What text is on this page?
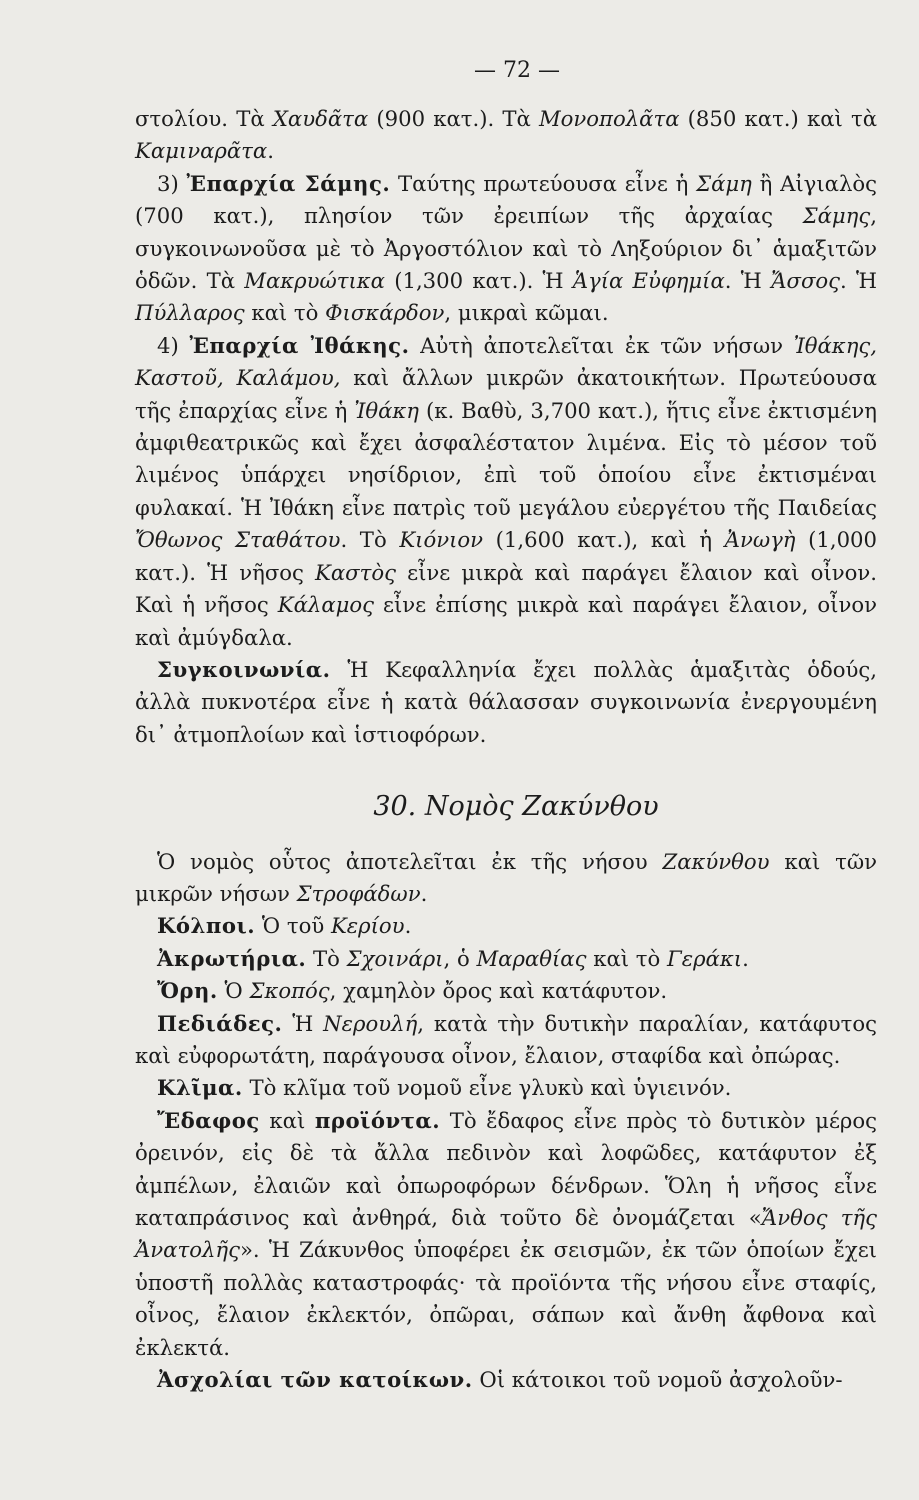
— 72 —

στολίου. Τὰ Χαυδᾶτα (900 κατ.). Τὰ Μονοπολᾶτα (850 κατ.) καὶ τὰ Καμιναρᾶτα.

3) Ἐπαρχία Σάμης. Ταύτης πρωτεύουσα εἶνε ἡ Σάμη ἢ Αἰγιαλὸς (700 κατ.), πλησίον τῶν ἐρειπίων τῆς ἀρχαίας Σάμης, συγκοινωνοῦσα μὲ τὸ Ἀργοστόλιον καὶ τὸ Ληξούριον δι᾽ ἁμαξιτῶν ὁδῶν. Τὰ Μακρυώτικα (1,300 κατ.). Ἡ Ἁγία Εὐφημία. Ἡ Ἄσσος. Ἡ Πύλλαρος καὶ τὸ Φισκάρδον, μικραὶ κῶμαι.

4) Ἐπαρχία Ἰθάκης. Αὐτὴ ἀποτελεῖται ἐκ τῶν νήσων Ἰθάκης, Καστοῦ, Καλάμου, καὶ ἄλλων μικρῶν ἀκατοικήτων. Πρωτεύουσα τῆς ἐπαρχίας εἶνε ἡ Ἰθάκη (κ. Βαθὺ, 3,700 κατ.), ἥτις εἶνε ἐκτισμένη ἀμφιθεατρικῶς καὶ ἔχει ἀσφαλέστατον λιμένα. Εἰς τὸ μέσον τοῦ λιμένος ὑπάρχει νησίδριον, ἐπὶ τοῦ ὁποίου εἶνε ἐκτισμέναι φυλακαί. Ἡ Ἰθάκη εἶνε πατρὶς τοῦ μεγάλου εὐεργέτου τῆς Παιδείας Ὄθωνος Σταθάτου. Τὸ Κιόνιον (1,600 κατ.), καὶ ἡ Ἀνωγὴ (1,000 κατ.). Ἡ νῆσος Καστὸς εἶνε μικρὰ καὶ παράγει ἔλαιον καὶ οἶνον. Καὶ ἡ νῆσος Κάλαμος εἶνε ἐπίσης μικρὰ καὶ παράγει ἔλαιον, οἶνον καὶ ἀμύγδαλα.

Συγκοινωνία. Ἡ Κεφαλληνία ἔχει πολλὰς ἁμαξιτὰς ὁδούς, ἀλλὰ πυκνοτέρα εἶνε ἡ κατὰ θάλασσαν συγκοινωνία ἐνεργουμένη δι᾽ ἀτμοπλοίων καὶ ἱστιοφόρων.

30. Νομὸς Ζακύνθου

Ὁ νομὸς οὗτος ἀποτελεῖται ἐκ τῆς νήσου Ζακύνθου καὶ τῶν μικρῶν νήσων Στροφάδων.

Κόλποι. Ὁ τοῦ Κερίου.

Ἀκρωτήρια. Τὸ Σχοινάρι, ὁ Μαραθίας καὶ τὸ Γεράκι.

Ὄρη. Ὁ Σκοπός, χαμηλὸν ὄρος καὶ κατάφυτον.

Πεδιάδες. Ἡ Νερουλή, κατὰ τὴν δυτικὴν παραλίαν, κατάφυτος καὶ εὐφορωτάτη, παράγουσα οἶνον, ἔλαιον, σταφίδα καὶ ὀπώρας.

Κλῖμα. Τὸ κλῖμα τοῦ νομοῦ εἶνε γλυκὺ καὶ ὑγιεινόν.

Ἔδαφος καὶ προϊόντα. Τὸ ἔδαφος εἶνε πρὸς τὸ δυτικὸν μέρος ὀρεινόν, εἰς δὲ τὰ ἄλλα πεδινὸν καὶ λοφῶδες, κατάφυτον ἐξ ἀμπέλων, ἐλαιῶν καὶ ὀπωροφόρων δένδρων. Ὅλη ἡ νῆσος εἶνε καταπράσινος καὶ ἀνθηρά, διὰ τοῦτο δὲ ὀνομάζεται «Ἄνθος τῆς Ἀνατολῆς». Ἡ Ζάκυνθος ὑποφέρει ἐκ σεισμῶν, ἐκ τῶν ὁποίων ἔχει ὑποστῆ πολλὰς καταστροφάς· τὰ προϊόντα τῆς νήσου εἶνε σταφίς, οἶνος, ἔλαιον ἐκλεκτόν, ὀπῶραι, σάπων καὶ ἄνθη ἄφθονα καὶ ἐκλεκτά.

Ἀσχολίαι τῶν κατοίκων. Οἱ κάτοικοι τοῦ νομοῦ ἀσχολοῦν-
